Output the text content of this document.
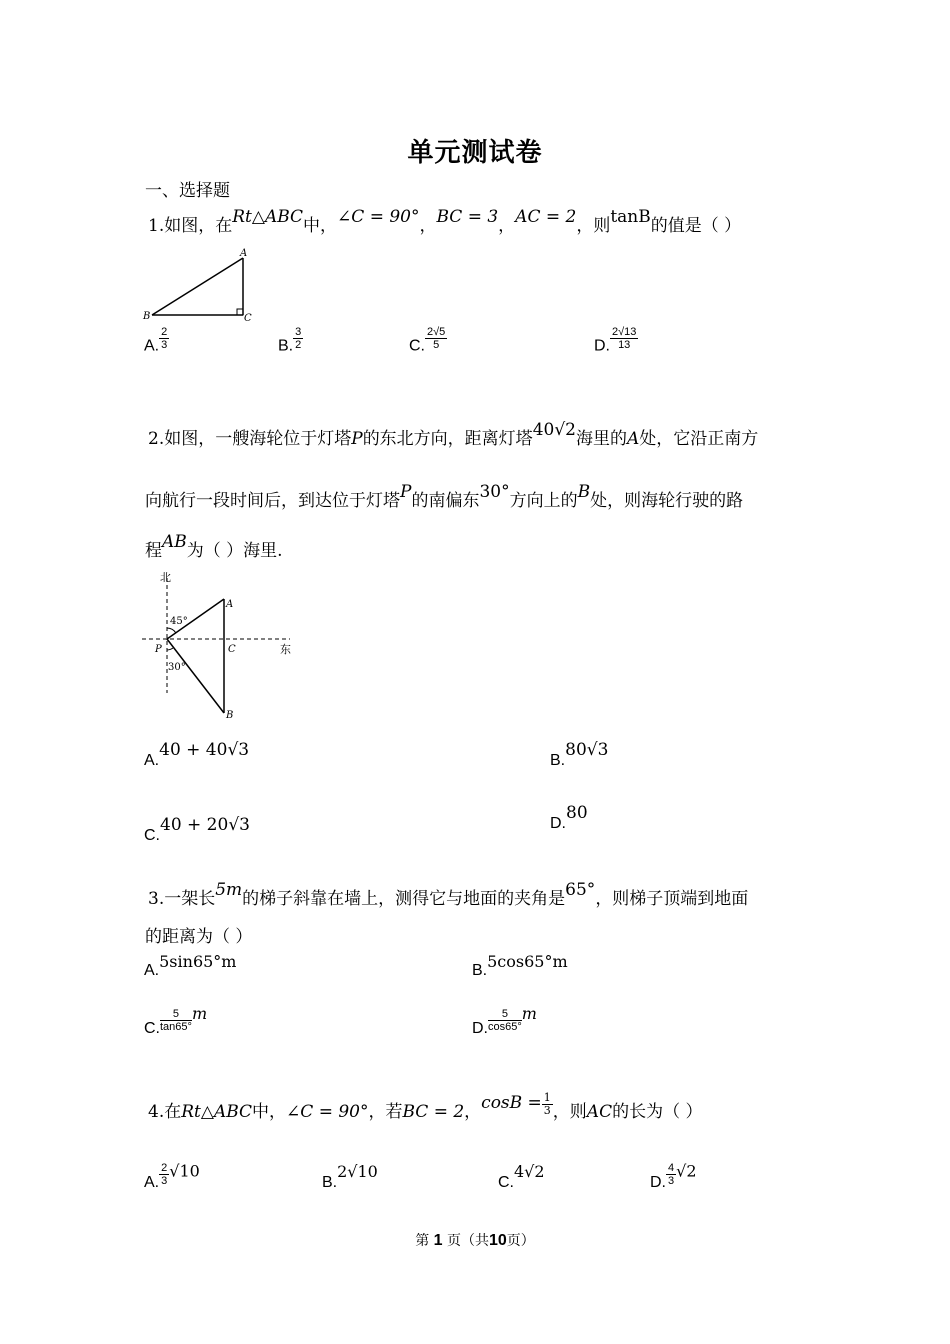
单元测试卷
一、选择题
1.如图，在Rt△ABC中，∠C = 90°，BC = 3，AC = 2，则tanB的值是（ ）
A
B	C
A. $\frac{2}{3}$	B. $\frac{3}{2}$	C. $\frac{2√5}{5}$	D. $\frac{2√13}{13}$
2.如图，一艘海轮位于灯塔P的东北方向，距离灯塔40√2海里的A处，它沿正南方
向航行一段时间后，到达位于灯塔P的南偏东30°方向上的B处，则海轮行驶的路
程AB为（ ）海里.
北
东
A
B
C
P
45°
30°
A.40 + 40√3
B.80√3
C.40 + 20√3	D.80
3.一架长5m的梯子斜靠在墙上，测得它与地面的夹角是65°，则梯子顶端到地面
的距离为（ ）
A.5sin65°m	B.5cos65°m
C. $\frac{5}{\tan 65^\circ}$ m
D. $\frac{5}{\cos 65^\circ}$ m
4.在Rt△ABC中，∠C = 90°，若BC = 2，$\cos B = \frac{1}{3}$ ，则AC的长为（ ）
A. $\frac{2}{3} √10$
B.2√10
C.4√2
D. $\frac{4}{3} √2$
第 1 页（共10页）
